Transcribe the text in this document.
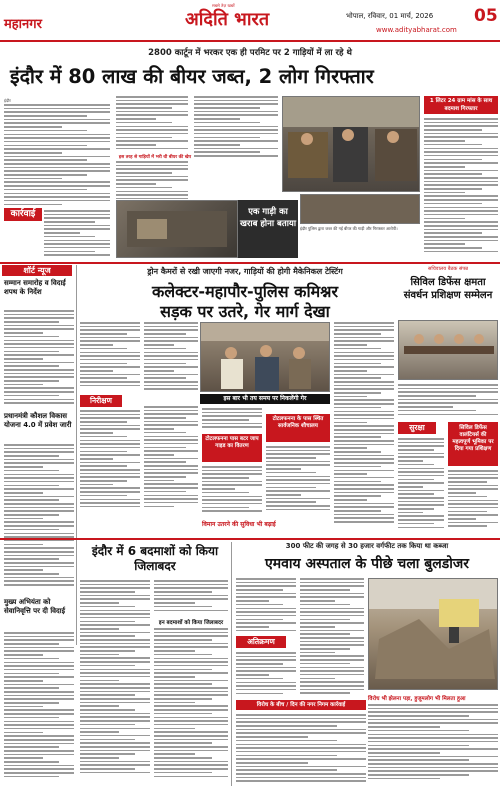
महानगर
सबसे तेज़ खबरें
अदिति भारत	भोपाल, रविवार, 01 मार्च, 2026
www.adityabharat.com
05
2800 कार्टून में भरकर एक ही परमिट पर 2 गाड़ियों में ला रहे थे
इंदौर में 80 लाख की बीयर जब्त, 2 लोग गिरफ्तार
इंदौर
कार्रवाई
इस तरह से गाड़ियों में भरी थी बीयर की खेप
एक गाड़ी का खराब होना बताया इंदौर पुलिस द्वारा जब्त की गई बीयर की गाड़ी और गिरफ्तार आरोपी।
1 लिटर 24 ग्राम मांस के साथ बदमाश गिरफ्तार
शॉर्ट न्यूज
सम्मान समारोह व विदाई शपथ के निर्देश
प्रधानमंत्री कौशल विकास योजना 4.0 में प्रवेश जारी
ड्रोन कैमरों से रखी जाएगी नजर, गाड़ियों की होगी मैकेनिकल टेस्टिंग
कलेक्टर-महापौर-पुलिस कमिश्नर
सड़क पर उतरे, गेर मार्ग देखा
निरीक्षण	इस बार भी तय समय पर निकलेंगी गेर
टोटलफनना पास बटर जाप गाइड का वितरण
टोटलफनना के पास स्थित सार्वजनिक शौचालय
विमान उतरने की सुविधा भी बढ़ाई
सचिवालय बैठक संपन्न
सिविल डिफेंस क्षमता संवर्धन प्रशिक्षण सम्मेलन
सुरक्षा	सिविल डिफेंस वालंटियर्स की महत्वपूर्ण भूमिका पर दिया गया प्रशिक्षण
मुख्य अभियंता को सेवानिवृत्ति पर दी विदाई
इंदौर में 6 बदमाशों को किया जिलाबदर
इन बदमाशों को किया जिलाबदर
300 फीट की जगह से 30 हजार वर्गफीट तक किया था कब्जा
एमवाय अस्पताल के पीछे चला बुलडोजर
अतिक्रमण
विरोध के बीच / दिन की नगर निगम कार्रवाई
विरोध भी झेलना पड़ा, हुजूमलोग भी मिलता हुआ
